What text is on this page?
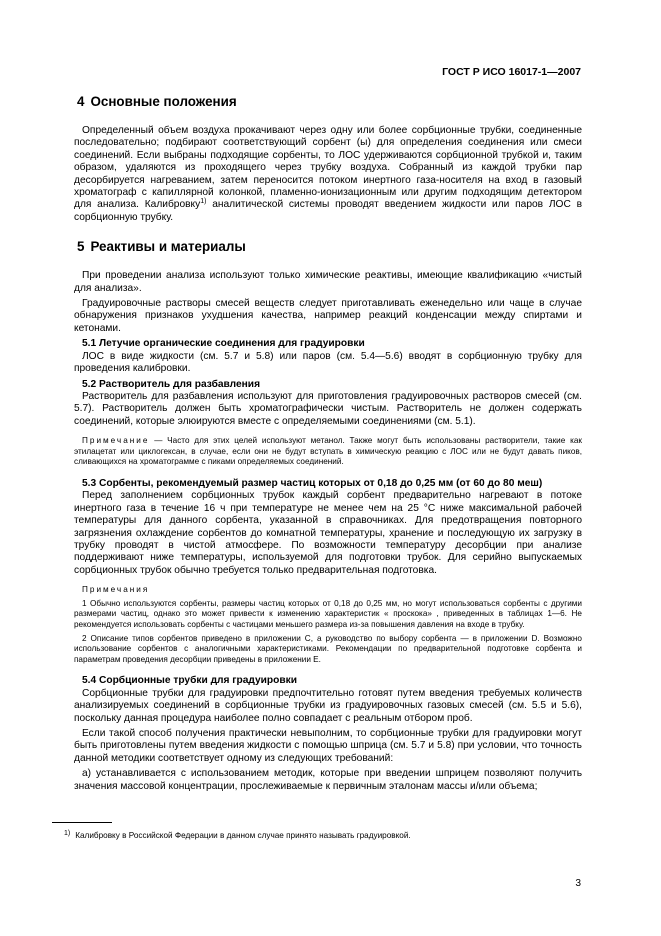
ГОСТ Р ИСО 16017-1—2007
4 Основные положения

Определенный объем воздуха прокачивают через одну или более сорбционные трубки, соединенные последовательно; подбирают соответствующий сорбент (ы) для определения соединения или смеси соединений. Если выбраны подходящие сорбенты, то ЛОС удерживаются сорбционной трубкой и, таким образом, удаляются из проходящего через трубку воздуха. Собранный из каждой трубки пар десорбируется нагреванием, затем переносится потоком инертного газа-носителя на вход в газовый хроматограф с капиллярной колонкой, пламенно-ионизационным или другим подходящим детектором для анализа. Калибровку$^{1)}$ аналитической системы проводят введением жидкости или паров ЛОС в сорбционную трубку.

5 Реактивы и материалы

При проведении анализа используют только химические реактивы, имеющие квалификацию «чистый для анализа».

Градуировочные растворы смесей веществ следует приготавливать еженедельно или чаще в случае обнаружения признаков ухудшения качества, например реакций конденсации между спиртами и кетонами.

5.1 Летучие органические соединения для градуировки

ЛОС в виде жидкости (см. 5.7 и 5.8) или паров (см. 5.4—5.6) вводят в сорбционную трубку для проведения калибровки.

5.2 Растворитель для разбавления

Растворитель для разбавления используют для приготовления градуировочных растворов смесей (см. 5.7). Растворитель должен быть хроматографически чистым. Растворитель не должен содержать соединений, которые элюируются вместе с определяемыми соединениями (см. 5.1).

Примечание — Часто для этих целей используют метанол. Также могут быть использованы растворители, такие как этилацетат или циклогексан, в случае, если они не будут вступать в химическую реакцию с ЛОС или не будут давать пиков, сливающихся на хроматограмме с пиками определяемых соединений.

5.3 Сорбенты, рекомендуемый размер частиц которых от 0,18 до 0,25 мм (от 60 до 80 меш)

Перед заполнением сорбционных трубок каждый сорбент предварительно нагревают в потоке инертного газа в течение 16 ч при температуре не менее чем на 25 °С ниже максимальной рабочей температуры для данного сорбента, указанной в справочниках. Для предотвращения повторного загрязнения охлаждение сорбентов до комнатной температуры, хранение и последующую их загрузку в трубку проводят в чистой атмосфере. По возможности температуру десорбции при анализе поддерживают ниже температуры, используемой для подготовки трубок. Для серийно выпускаемых сорбционных трубок обычно требуется только предварительная подготовка.

Примечания
1 Обычно используются сорбенты, размеры частиц которых от 0,18 до 0,25 мм, но могут использоваться сорбенты с другими размерами частиц, однако это может привести к изменению характеристик « проскока» , приведенных в таблицах 1—6. Не рекомендуется использовать сорбенты с частицами меньшего размера из-за повышения давления на входе в трубку.
2 Описание типов сорбентов приведено в приложении С, а руководство по выбору сорбента — в приложении D. Возможно использование сорбентов с аналогичными характеристиками. Рекомендации по предварительной подготовке сорбента и параметрам проведения десорбции приведены в приложении Е.
5.4 Сорбционные трубки для градуировки

Сорбционные трубки для градуировки предпочтительно готовят путем введения требуемых количеств анализируемых соединений в сорбционные трубки из градуировочных газовых смесей (см. 5.5 и 5.6), поскольку данная процедура наиболее полно совпадает с реальным отбором проб.

Если такой способ получения практически невыполним, то сорбционные трубки для градуировки могут быть приготовлены путем введения жидкости с помощью шприца (см. 5.7 и 5.8) при условии, что точность данной методики соответствует одному из следующих требований:

а) устанавливается с использованием методик, которые при введении шприцем позволяют получить значения массовой концентрации, прослеживаемые к первичным эталонам массы и/или объема;

$^{1)}$ Калибровку в Российской Федерации в данном случае принято называть градуировкой.
3
